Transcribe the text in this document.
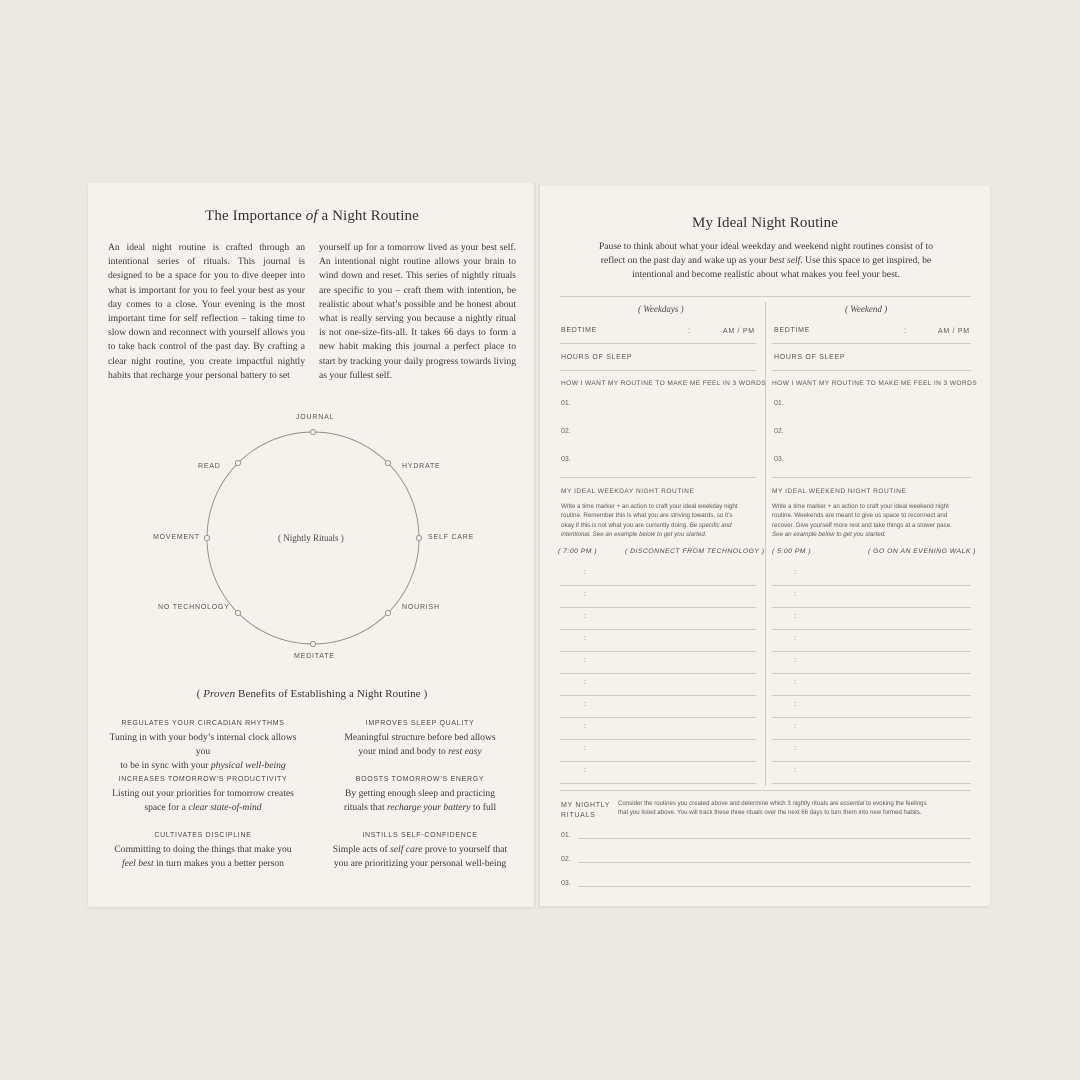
The Importance of a Night Routine
An ideal night routine is crafted through an intentional series of rituals. This journal is designed to be a space for you to dive deeper into what is important for you to feel your best as your day comes to a close. Your evening is the most important time for self reflection – taking time to slow down and reconnect with yourself allows you to take back control of the past day. By crafting a clear night routine, you create impactful nightly habits that recharge your personal battery to set
yourself up for a tomorrow lived as your best self. An intentional night routine allows your brain to wind down and reset. This series of nightly rituals are specific to you – craft them with intention, be realistic about what’s possible and be honest about what is really serving you because a nightly ritual is not one-size-fits-all. It takes 66 days to form a new habit making this journal a perfect place to start by tracking your daily progress towards living as your fullest self.
( Nightly Rituals )
JOURNAL
HYDRATE
SELF CARE
NOURISH
MEDITATE
NO TECHNOLOGY
MOVEMENT
READ
( Proven Benefits of Establishing a Night Routine )
REGULATES YOUR CIRCADIAN RHYTHMS
Tuning in with your body’s internal clock allows you
to be in sync with your physical well-being
IMPROVES SLEEP QUALITY
Meaningful structure before bed allows
your mind and body to rest easy
INCREASES TOMORROW’S PRODUCTIVITY
Listing out your priorities for tomorrow creates
space for a clear state-of-mind
BOOSTS TOMORROW’S ENERGY
By getting enough sleep and practicing
rituals that recharge your battery to full
CULTIVATES DISCIPLINE
Committing to doing the things that make you
feel best in turn makes you a better person
INSTILLS SELF-CONFIDENCE
Simple acts of self care prove to yourself that
you are prioritizing your personal well-being
My Ideal Night Routine
Pause to think about what your ideal weekday and weekend night routines consist of to
reflect on the past day and wake up as your best self. Use this space to get inspired, be
intentional and become realistic about what makes you feel your best.
( Weekdays )
BEDTIME	:	AM / PM
HOURS OF SLEEP
HOW I WANT MY ROUTINE TO MAKE ME FEEL IN 3 WORDS
01.
02.
03.
MY IDEAL WEEKDAY NIGHT ROUTINE
Write a time marker + an action to craft your ideal weekday night
routine. Remember this is what you are striving towards, so it’s
okay if this is not what you are currently doing. Be specific and
intentional. See an example below to get you started.
( 7:00 PM )	( DISCONNECT FROM TECHNOLOGY )
:
:
:
:
:
:
:
:
:
:
( Weekend )
BEDTIME	:	AM / PM
HOURS OF SLEEP
HOW I WANT MY ROUTINE TO MAKE ME FEEL IN 3 WORDS
01.
02.
03.
MY IDEAL WEEKEND NIGHT ROUTINE
Write a time marker + an action to craft your ideal weekend night
routine. Weekends are meant to give us space to reconnect and
recover. Give yourself more rest and take things at a slower pace.
See an example below to get you started.
( 5:00 PM )	( GO ON AN EVENING WALK )
:
:
:
:
:
:
:
:
:
:
MY NIGHTLY
RITUALS
Consider the routines you created above and determine which 3 nightly rituals are essential to evoking the feelings
that you listed above. You will track these three rituals over the next 66 days to turn them into new formed habits.
01.
02.
03.
